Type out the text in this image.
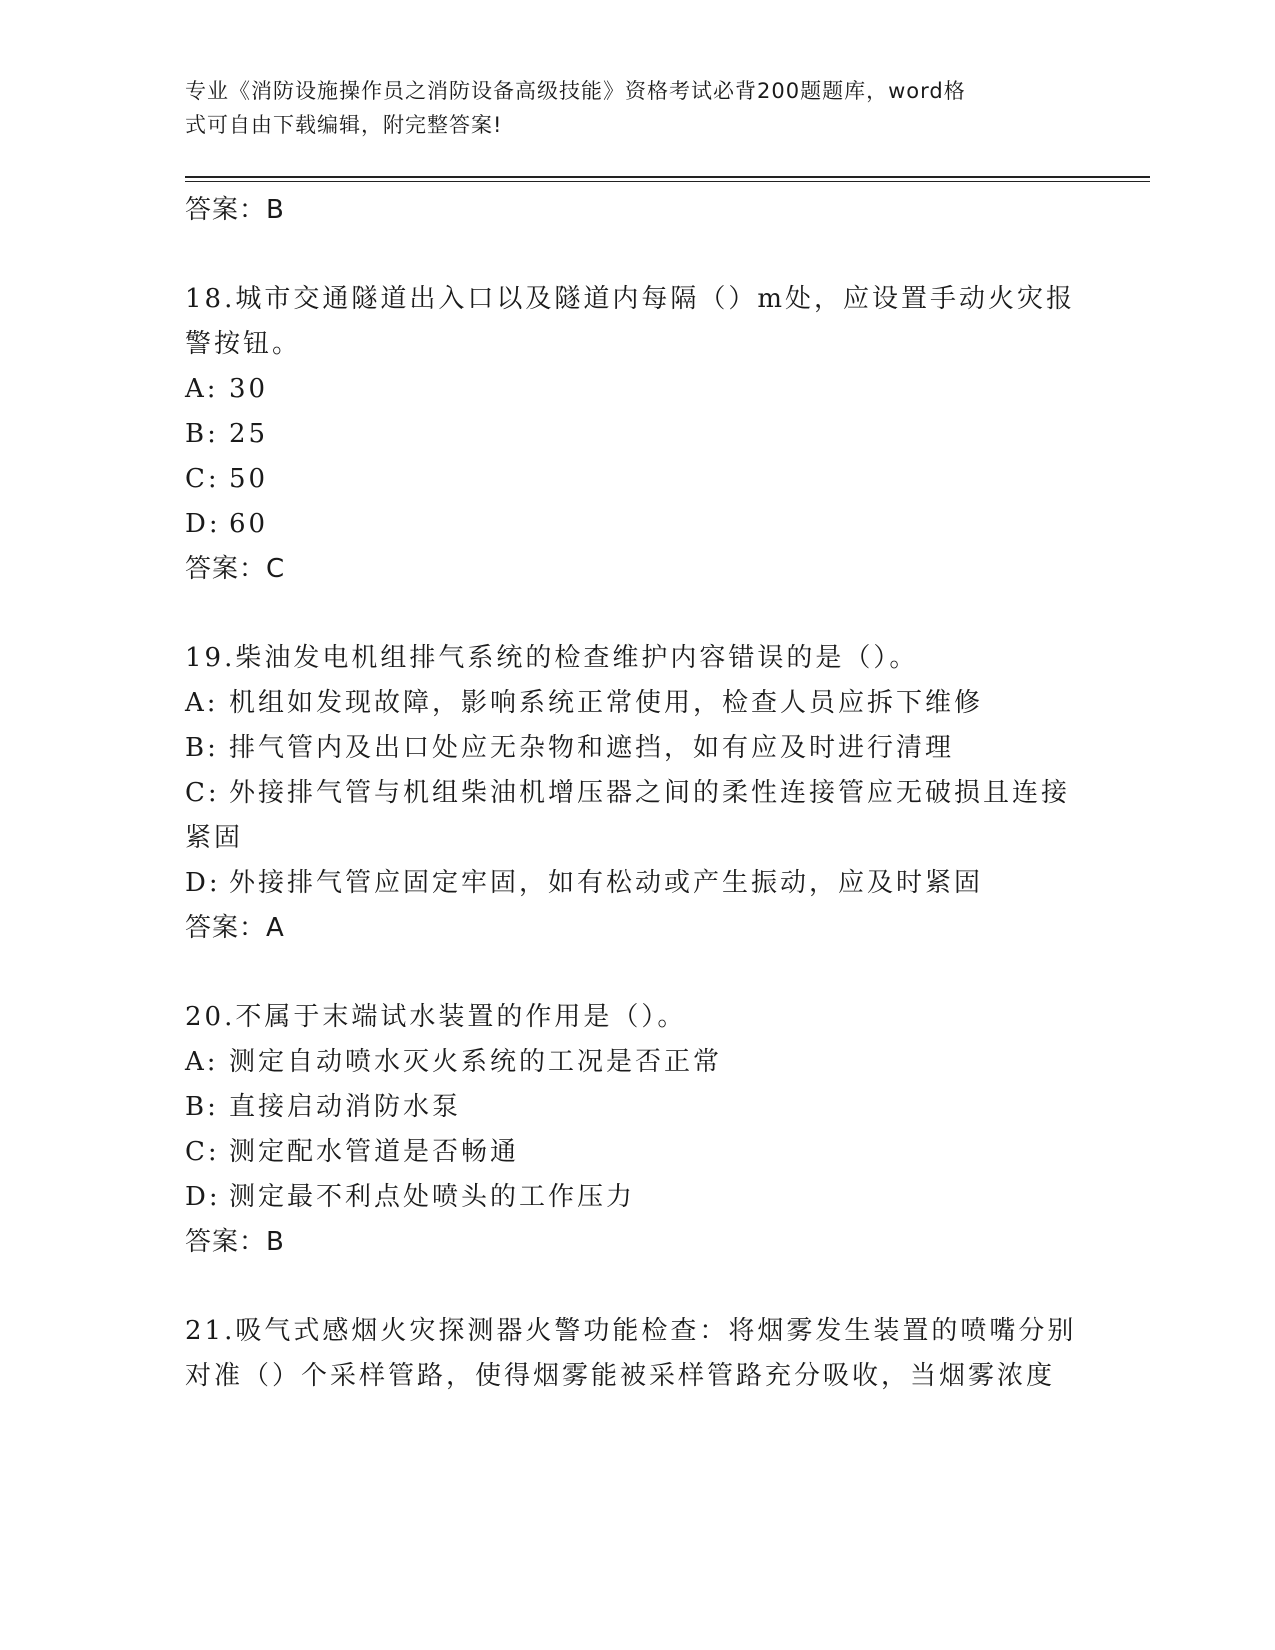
专业《消防设施操作员之消防设备高级技能》资格考试必背200题题库，word格
式可自由下载编辑，附完整答案!
答案：B
18.城市交通隧道出入口以及隧道内每隔（）m处，应设置手动火灾报
警按钮。
A: 30
B: 25
C: 50
D: 60
答案：C
19.柴油发电机组排气系统的检查维护内容错误的是（）。
A: 机组如发现故障，影响系统正常使用，检查人员应拆下维修
B: 排气管内及出口处应无杂物和遮挡，如有应及时进行清理
C: 外接排气管与机组柴油机增压器之间的柔性连接管应无破损且连接
紧固
D: 外接排气管应固定牢固，如有松动或产生振动，应及时紧固
答案：A
20.不属于末端试水装置的作用是（）。
A: 测定自动喷水灭火系统的工况是否正常
B: 直接启动消防水泵
C: 测定配水管道是否畅通
D: 测定最不利点处喷头的工作压力
答案：B
21.吸气式感烟火灾探测器火警功能检查：将烟雾发生装置的喷嘴分别
对准（）个采样管路，使得烟雾能被采样管路充分吸收，当烟雾浓度
